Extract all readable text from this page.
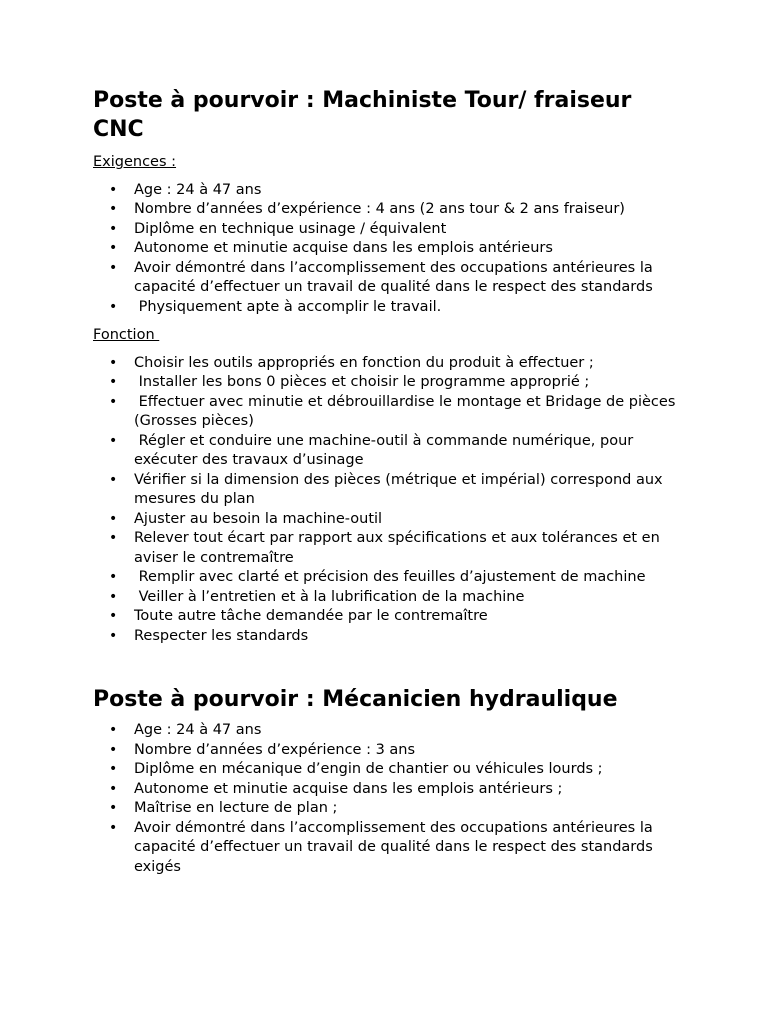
Poste à pourvoir : Machiniste Tour/ fraiseur CNC

Exigences :

• Age : 24 à 47 ans
• Nombre d’années d’expérience : 4 ans (2 ans tour & 2 ans fraiseur)
• Diplôme en technique usinage / équivalent
• Autonome et minutie acquise dans les emplois antérieurs
• Avoir démontré dans l’accomplissement des occupations antérieures la capacité d’effectuer un travail de qualité dans le respect des standards
• Physiquement apte à accomplir le travail.

Fonction

• Choisir les outils appropriés en fonction du produit à effectuer ;
• Installer les bons 0 pièces et choisir le programme approprié ;
• Effectuer avec minutie et débrouillardise le montage et Bridage de pièces (Grosses pièces)
• Régler et conduire une machine-outil à commande numérique, pour exécuter des travaux d’usinage
• Vérifier si la dimension des pièces (métrique et impérial) correspond aux mesures du plan
• Ajuster au besoin la machine-outil
• Relever tout écart par rapport aux spécifications et aux tolérances et en aviser le contremaître
• Remplir avec clarté et précision des feuilles d’ajustement de machine
• Veiller à l’entretien et à la lubrification de la machine
• Toute autre tâche demandée par le contremaître
• Respecter les standards
Poste à pourvoir : Mécanicien hydraulique
• Age : 24 à 47 ans
• Nombre d’années d’expérience : 3 ans
• Diplôme en mécanique d’engin de chantier ou véhicules lourds ;
• Autonome et minutie acquise dans les emplois antérieurs ;
• Maîtrise en lecture de plan ;
• Avoir démontré dans l’accomplissement des occupations antérieures la capacité d’effectuer un travail de qualité dans le respect des standards exigés
